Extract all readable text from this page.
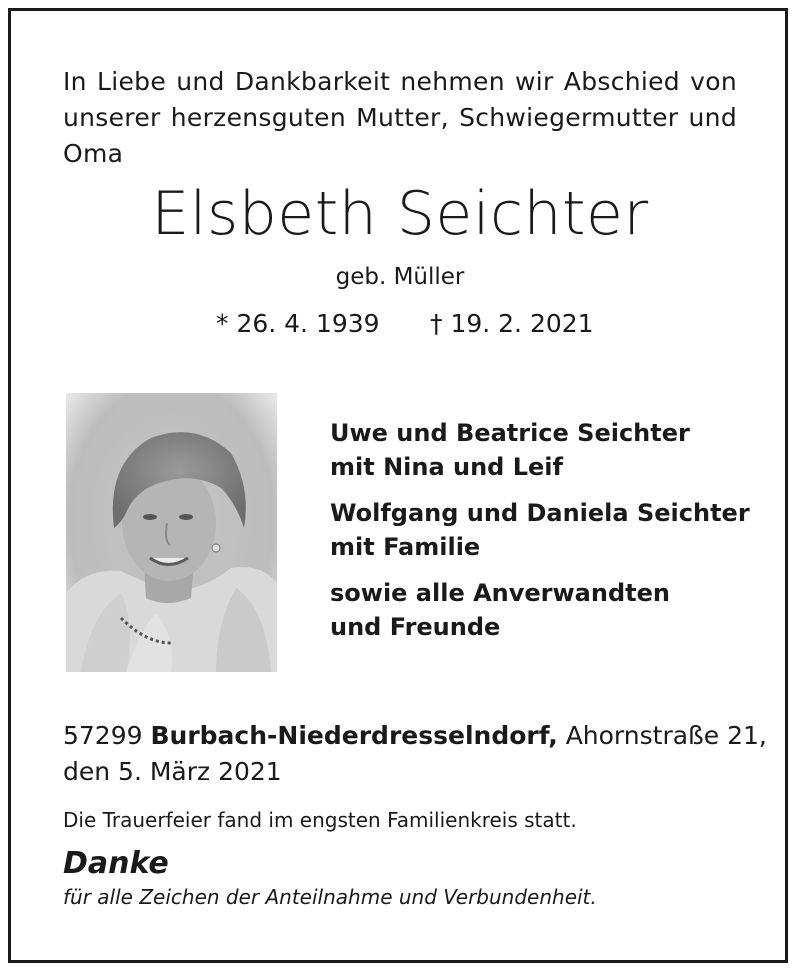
In Liebe und Dankbarkeit nehmen wir Abschied von unserer herzensguten Mutter, Schwiegermutter und Oma
Elsbeth Seichter
geb. Müller
* 26. 4. 1939 † 19. 2. 2021
Uwe und Beatrice Seichter
mit Nina und Leif
Wolfgang und Daniela Seichter
mit Familie
sowie alle Anverwandten
und Freunde
57299 Burbach-Niederdresselndorf, Ahornstraße 21,
den 5. März 2021
Die Trauerfeier fand im engsten Familienkreis statt.
Danke
für alle Zeichen der Anteilnahme und Verbundenheit.
